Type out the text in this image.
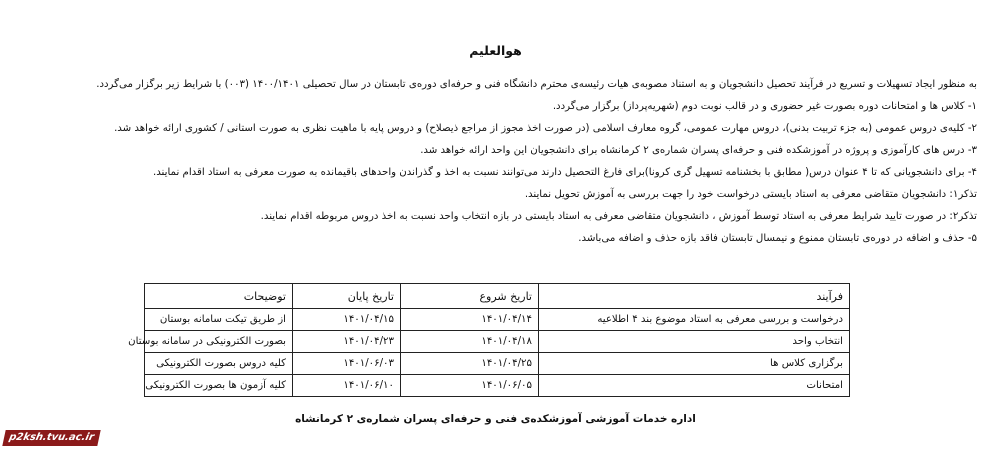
هوالعلیم
به منظور ایجاد تسهیلات و تسریع در فرآیند تحصیل دانشجویان و به استناد مصوبه‌ی هیات رئیسه‌ی محترم دانشگاه فنی و حرفه‌ای دوره‌ی تابستان در سال تحصیلی ۱۴۰۰/۱۴۰۱ (۰۰۳) با شرایط زیر برگزار می‌گردد.
۱- کلاس ها و امتحانات دوره بصورت غیر حضوری و در قالب نوبت دوم (شهریه‌پرداز) برگزار می‌گردد.
۲- کلیه‌ی دروس عمومی (به جزء تربیت بدنی)، دروس مهارت عمومی، گروه معارف اسلامی (در صورت اخذ مجوز از مراجع ذیصلاح) و دروس پایه با ماهیت نظری به صورت استانی / کشوری ارائه خواهد شد.
۳- درس های کارآموزی و پروژه در آموزشکده فنی و حرفه‌ای پسران شماره‌ی ۲ کرمانشاه برای دانشجویان این واحد ارائه خواهد شد.
۴- برای دانشجویانی که تا ۴ عنوان درس( مطابق با بخشنامه تسهیل گری کرونا)برای فارغ التحصیل دارند می‌توانند نسبت به اخذ و گذراندن واحدهای باقیمانده به صورت معرفی به استاد اقدام نمایند.
تذکر۱: دانشجویان متقاضی معرفی به استاد بایستی درخواست خود را جهت بررسی به آموزش تحویل نمایند.
تذکر۲: در صورت تایید شرایط معرفی به استاد توسط آموزش ، دانشجویان متقاضی معرفی به استاد بایستی در بازه انتخاب واحد نسبت به اخذ دروس مربوطه اقدام نمایند.
۵- حذف و اضافه در دوره‌ی تابستان ممنوع و نیمسال تابستان فاقد بازه حذف و اضافه می‌باشد.
فرآیند	تاریخ شروع	تاریخ پایان	توضیحات
درخواست و بررسی معرفی به استاد موضوع بند ۴ اطلاعیه	۱۴۰۱/۰۴/۱۴	۱۴۰۱/۰۴/۱۵	از طریق تیکت سامانه بوستان
انتخاب واحد	۱۴۰۱/۰۴/۱۸	۱۴۰۱/۰۴/۲۳	بصورت الکترونیکی در سامانه بوستان
برگزاری کلاس ها	۱۴۰۱/۰۴/۲۵	۱۴۰۱/۰۶/۰۳	کلیه دروس بصورت الکترونیکی
امتحانات	۱۴۰۱/۰۶/۰۵	۱۴۰۱/۰۶/۱۰	کلیه آزمون ها بصورت الکترونیکی
اداره خدمات آموزشی آموزشکده‌ی فنی و حرفه‌ای پسران شماره‌ی ۲ کرمانشاه
p2ksh.tvu.ac.ir
